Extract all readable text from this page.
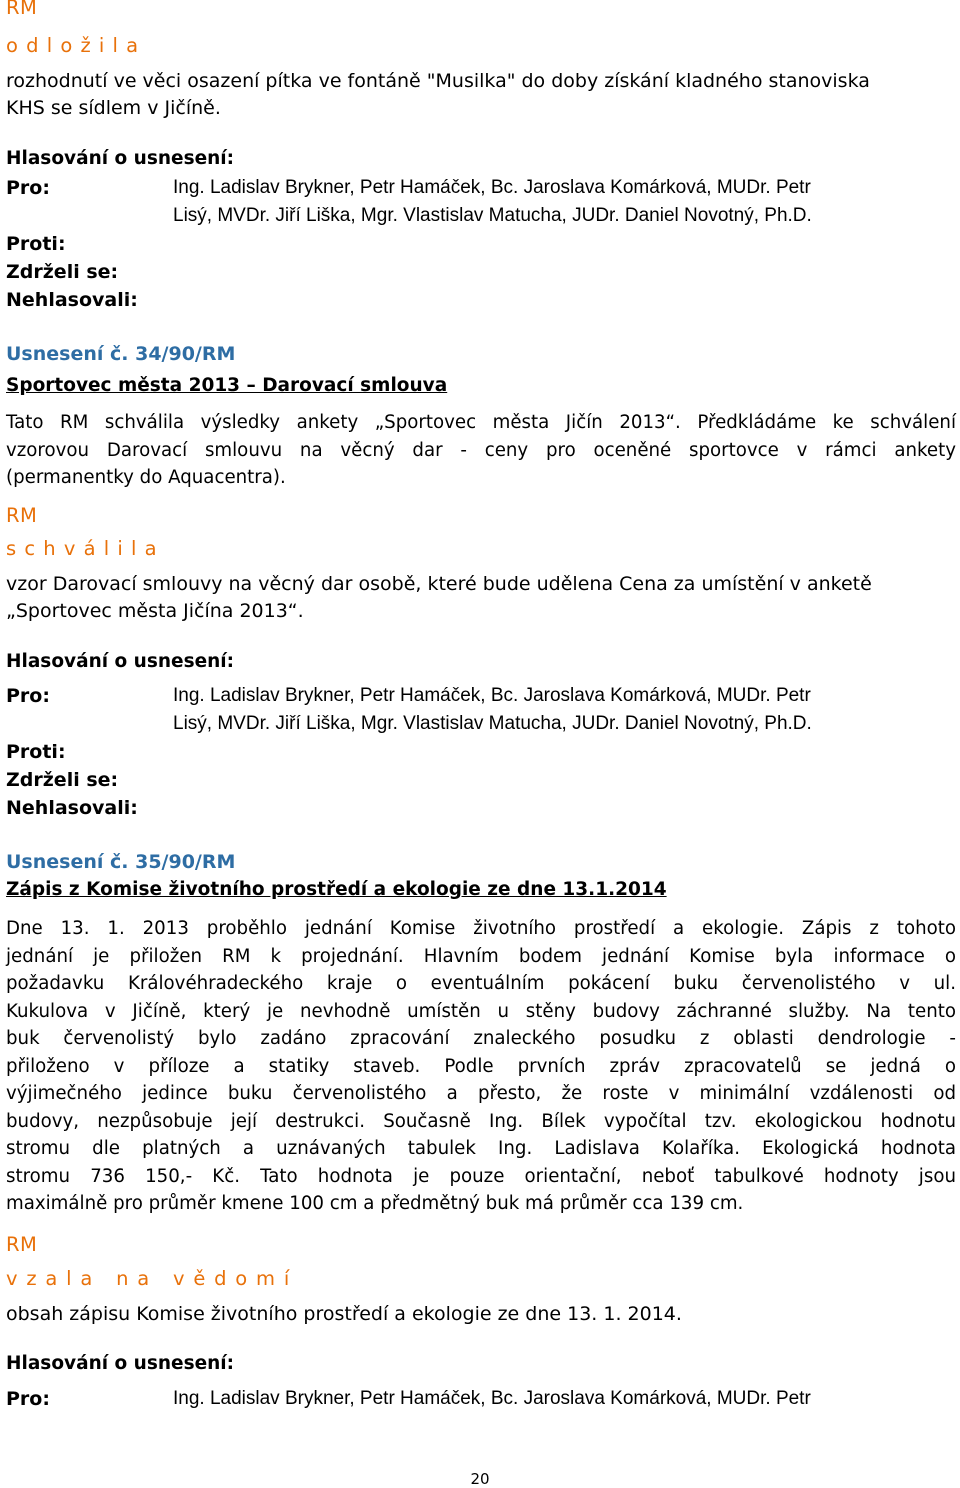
RM
o d l o ž i l a
rozhodnutí ve věci osazení pítka ve fontáně "Musilka" do doby získání kladného stanoviska
KHS se sídlem v Jičíně.
Hlasování o usnesení:
Pro:	Ing. Ladislav Brykner, Petr Hamáček, Bc. Jaroslava Komárková, MUDr. Petr
Lisý, MVDr. Jiří Liška, Mgr. Vlastislav Matucha, JUDr. Daniel Novotný, Ph.D.
Proti:
Zdrželi se:
Nehlasovali:
Usnesení č. 34/90/RM
Sportovec města 2013 – Darovací smlouva
Tato RM schválila výsledky ankety „Sportovec města Jičín 2013“. Předkládáme ke schválení
vzorovou Darovací smlouvu na věcný dar - ceny pro oceněné sportovce v rámci ankety
(permanentky do Aquacentra).
RM
s c h v á l i l a
vzor Darovací smlouvy na věcný dar osobě, které bude udělena Cena za umístění v anketě
„Sportovec města Jičína 2013“.
Hlasování o usnesení:
Pro:	Ing. Ladislav Brykner, Petr Hamáček, Bc. Jaroslava Komárková, MUDr. Petr
Lisý, MVDr. Jiří Liška, Mgr. Vlastislav Matucha, JUDr. Daniel Novotný, Ph.D.
Proti:
Zdrželi se:
Nehlasovali:
Usnesení č. 35/90/RM
Zápis z Komise životního prostředí a ekologie ze dne 13.1.2014
Dne 13. 1. 2013 proběhlo jednání Komise životního prostředí a ekologie. Zápis z tohoto
jednání je přiložen RM k projednání. Hlavním bodem jednání Komise byla informace o
požadavku Královéhradeckého kraje o eventuálním pokácení buku červenolistého v ul.
Kukulova v Jičíně, který je nevhodně umístěn u stěny budovy záchranné služby. Na tento
buk červenolistý bylo zadáno zpracování znaleckého posudku z oblasti dendrologie -
přiloženo v příloze a statiky staveb. Podle prvních zpráv zpracovatelů se jedná o
výjimečného jedince buku červenolistého a přesto, že roste v minimální vzdálenosti od
budovy, nezpůsobuje její destrukci. Současně Ing. Bílek vypočítal tzv. ekologickou hodnotu
stromu dle platných a uznávaných tabulek Ing. Ladislava Kolaříka. Ekologická hodnota
stromu 736 150,- Kč. Tato hodnota je pouze orientační, neboť tabulkové hodnoty jsou
maximálně pro průměr kmene 100 cm a předmětný buk má průměr cca 139 cm.
RM
v z a l a   n a   v ě d o m í
obsah zápisu Komise životního prostředí a ekologie ze dne 13. 1. 2014.
Hlasování o usnesení:
Pro:	Ing. Ladislav Brykner, Petr Hamáček, Bc. Jaroslava Komárková, MUDr. Petr
20
